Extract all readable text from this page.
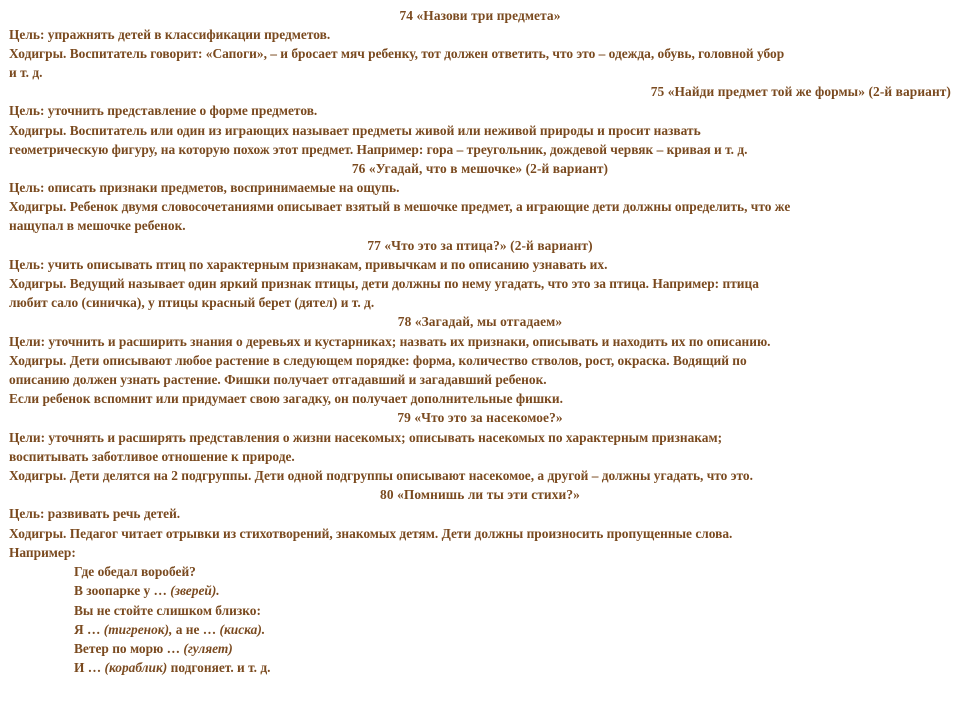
74 «Назови три предмета»
Цель: упражнять детей в классификации предметов.
Ходигры. Воспитатель говорит: «Сапоги», – и бросает мяч ребенку, тот должен ответить, что это – одежда, обувь, головной убор
и т. д.
75 «Найди предмет той же формы» (2-й вариант)
Цель: уточнить представление о форме предметов.
Ходигры. Воспитатель или один из играющих называет предметы живой или неживой природы и просит назвать
геометрическую фигуру, на которую похож этот предмет. Например: гора – треугольник, дождевой червяк – кривая и т. д.
76 «Угадай, что в мешочке» (2-й вариант)
Цель: описать признаки предметов, воспринимаемые на ощупь.
Ходигры. Ребенок двумя словосочетаниями описывает взятый в мешочке предмет, а играющие дети должны определить, что же
нащупал в мешочке ребенок.
77 «Что это за птица?» (2-й вариант)
Цель: учить описывать птиц по характерным признакам, привычкам и по описанию узнавать их.
Ходигры. Ведущий называет один яркий признак птицы, дети должны по нему угадать, что это за птица. Например: птица
любит сало (синичка), у птицы красный берет (дятел) и т. д.
78 «Загадай, мы отгадаем»
Цели: уточнить и расширить знания о деревьях и кустарниках; назвать их признаки, описывать и находить их по описанию.
Ходигры. Дети описывают любое растение в следующем порядке: форма, количество стволов, рост, окраска. Водящий по
описанию должен узнать растение. Фишки получает отгадавший и загадавший ребенок.
Если ребенок вспомнит или придумает свою загадку, он получает дополнительные фишки.
79 «Что это за насекомое?»
Цели: уточнять и расширять представления о жизни насекомых; описывать насекомых по характерным признакам;
воспитывать заботливое отношение к природе.
Ходигры. Дети делятся на 2 подгруппы. Дети одной подгруппы описывают насекомое, а другой – должны угадать, что это.
80 «Помнишь ли ты эти стихи?»
Цель: развивать речь детей.
Ходигры. Педагог читает отрывки из стихотворений, знакомых детям. Дети должны произносить пропущенные слова.
Например:
Где обедал воробей?
В зоопарке у … (зверей).
Вы не стойте слишком близко:
Я … (тигренок), а не … (киска).
Ветер по морю … (гуляет)
И … (кораблик) подгоняет. и т. д.
